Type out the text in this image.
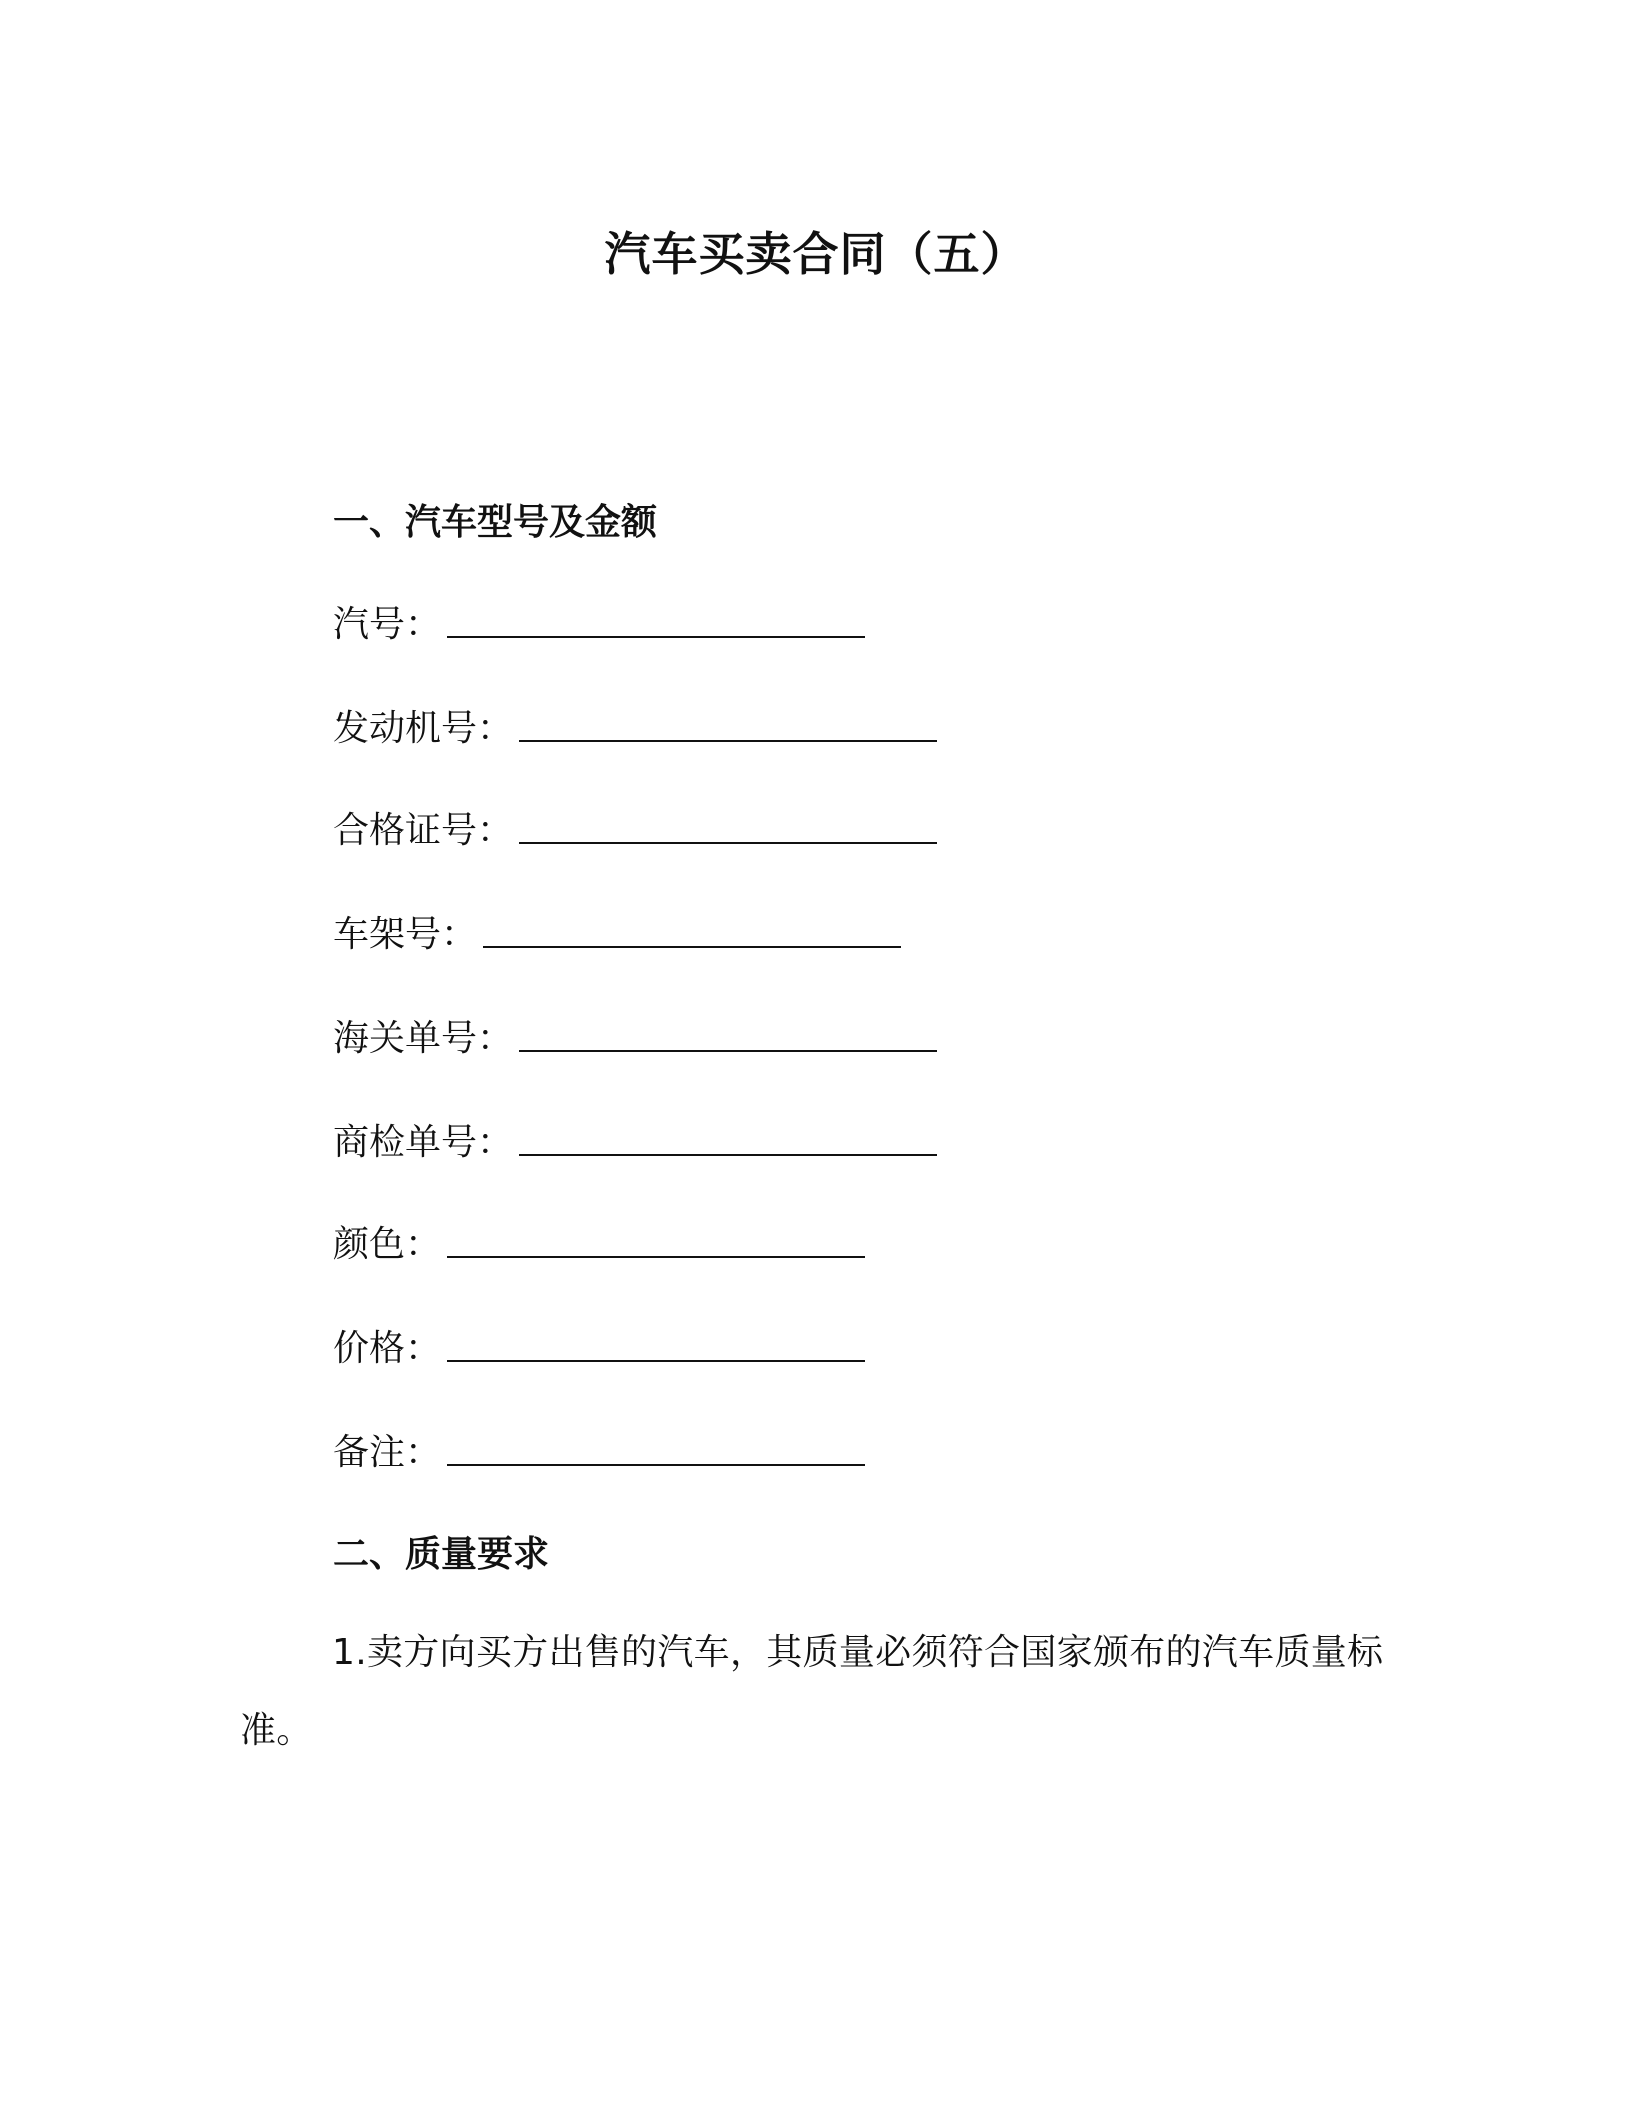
汽车买卖合同（五）
一、汽车型号及金额
汽号：
发动机号：
合格证号：
车架号：
海关单号：
商检单号：
颜色：
价格：
备注：
二、质量要求

1.卖方向买方出售的汽车，其质量必须符合国家颁布的汽车质量标准。
